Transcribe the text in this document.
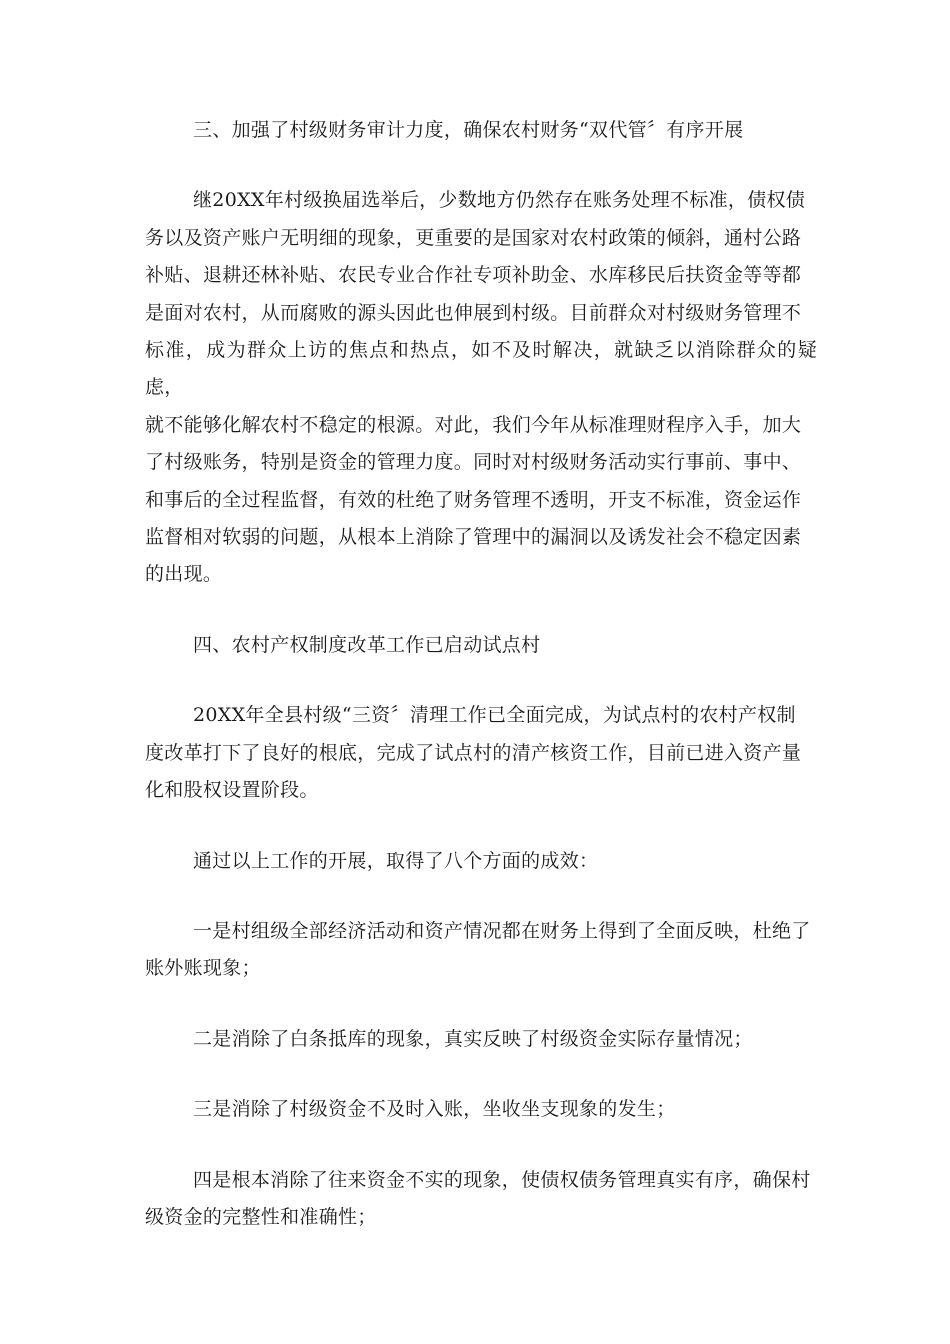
三、加强了村级财务审计力度，确保农村财务“双代管〞有序开展

继20XX年村级换届选举后，少数地方仍然存在账务处理不标准，债权债
务以及资产账户无明细的现象，更重要的是国家对农村政策的倾斜，通村公路
补贴、退耕还林补贴、农民专业合作社专项补助金、水库移民后扶资金等等都
是面对农村，从而腐败的源头因此也伸展到村级。目前群众对村级财务管理不
标准，成为群众上访的焦点和热点，如不及时解决，就缺乏以消除群众的疑虑，
就不能够化解农村不稳定的根源。对此，我们今年从标准理财程序入手，加大
了村级账务，特别是资金的管理力度。同时对村级财务活动实行事前、事中、
和事后的全过程监督，有效的杜绝了财务管理不透明，开支不标准，资金运作
监督相对软弱的问题，从根本上消除了管理中的漏洞以及诱发社会不稳定因素
的出现。

四、农村产权制度改革工作已启动试点村

20XX年全县村级“三资〞清理工作已全面完成，为试点村的农村产权制
度改革打下了良好的根底，完成了试点村的清产核资工作，目前已进入资产量
化和股权设置阶段。

通过以上工作的开展，取得了八个方面的成效：

一是村组级全部经济活动和资产情况都在财务上得到了全面反映，杜绝了
账外账现象；

二是消除了白条抵库的现象，真实反映了村级资金实际存量情况；

三是消除了村级资金不及时入账，坐收坐支现象的发生；

四是根本消除了往来资金不实的现象，使债权债务管理真实有序，确保村
级资金的完整性和准确性；
